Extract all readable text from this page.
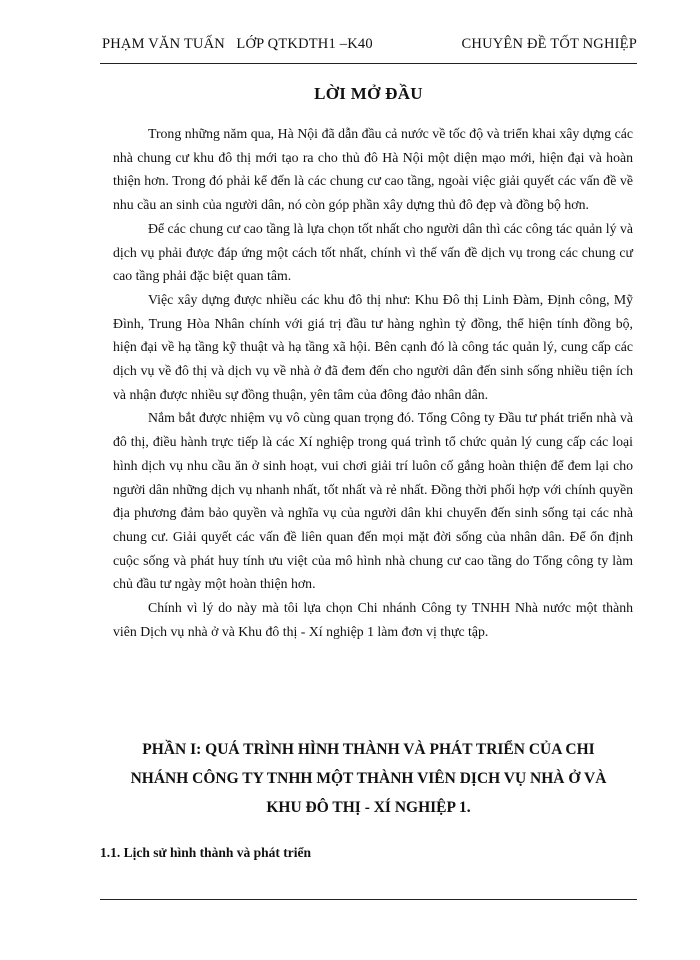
PHẠM VĂN TUẤN   LỚP QTKDTH1 –K40	CHUYÊN ĐỀ TỐT NGHIỆP
LỜI MỞ ĐẦU

Trong những năm qua, Hà Nội đã dẫn đầu cả nước về tốc độ và triển khai xây dựng các nhà chung cư khu đô thị mới tạo ra cho thủ đô Hà Nội một diện mạo mới, hiện đại và hoàn thiện hơn. Trong đó phải kể đến là các chung cư cao tầng, ngoài việc giải quyết các vấn đề về nhu cầu an sinh của người dân, nó còn góp phần xây dựng thủ đô đẹp và đồng bộ hơn.

Để các chung cư cao tầng là lựa chọn tốt nhất cho người dân thì các công tác quản lý và dịch vụ phải được đáp ứng một cách tốt nhất, chính vì thế vấn đề dịch vụ trong các chung cư cao tầng phải đặc biệt quan tâm.

Việc xây dựng được nhiều các khu đô thị như: Khu Đô thị Linh Đàm, Định công, Mỹ Đình, Trung Hòa Nhân chính với giá trị đầu tư hàng nghìn tỷ đồng, thể hiện tính đồng bộ, hiện đại về hạ tầng kỹ thuật và hạ tầng xã hội. Bên cạnh đó là công tác quản lý, cung cấp các dịch vụ về đô thị và dịch vụ về nhà ở đã đem đến cho người dân đến sinh sống nhiều tiện ích và nhận được nhiều sự đồng thuận, yên tâm của đông đảo nhân dân.

Nắm bắt được nhiệm vụ vô cùng quan trọng đó. Tổng Công ty Đầu tư phát triển nhà và đô thị, điều hành trực tiếp là các Xí nghiệp trong quá trình tổ chức quản lý cung cấp các loại hình dịch vụ nhu cầu ăn ở sinh hoạt, vui chơi giải trí luôn cố gắng hoàn thiện để đem lại cho người dân những dịch vụ nhanh nhất, tốt nhất và rẻ nhất. Đồng thời phối hợp với chính quyền địa phương đảm bảo quyền và nghĩa vụ của người dân khi chuyển đến sinh sống tại các nhà chung cư. Giải quyết các vấn đề liên quan đến mọi mặt đời sống của nhân dân. Để ổn định cuộc sống và phát huy tính ưu việt của mô hình nhà chung cư cao tầng do Tổng công ty làm chủ đầu tư ngày một hoàn thiện hơn.

Chính vì lý do này mà tôi lựa chọn Chi nhánh Công ty TNHH Nhà nước một thành viên Dịch vụ nhà ở và Khu đô thị - Xí nghiệp 1 làm đơn vị thực tập.

PHẦN I: QUÁ TRÌNH HÌNH THÀNH VÀ PHÁT TRIỂN CỦA CHI
NHÁNH CÔNG TY TNHH MỘT THÀNH VIÊN DỊCH VỤ NHÀ Ở VÀ
KHU ĐÔ THỊ - XÍ NGHIỆP 1.
1.1. Lịch sử hình thành và phát triển
